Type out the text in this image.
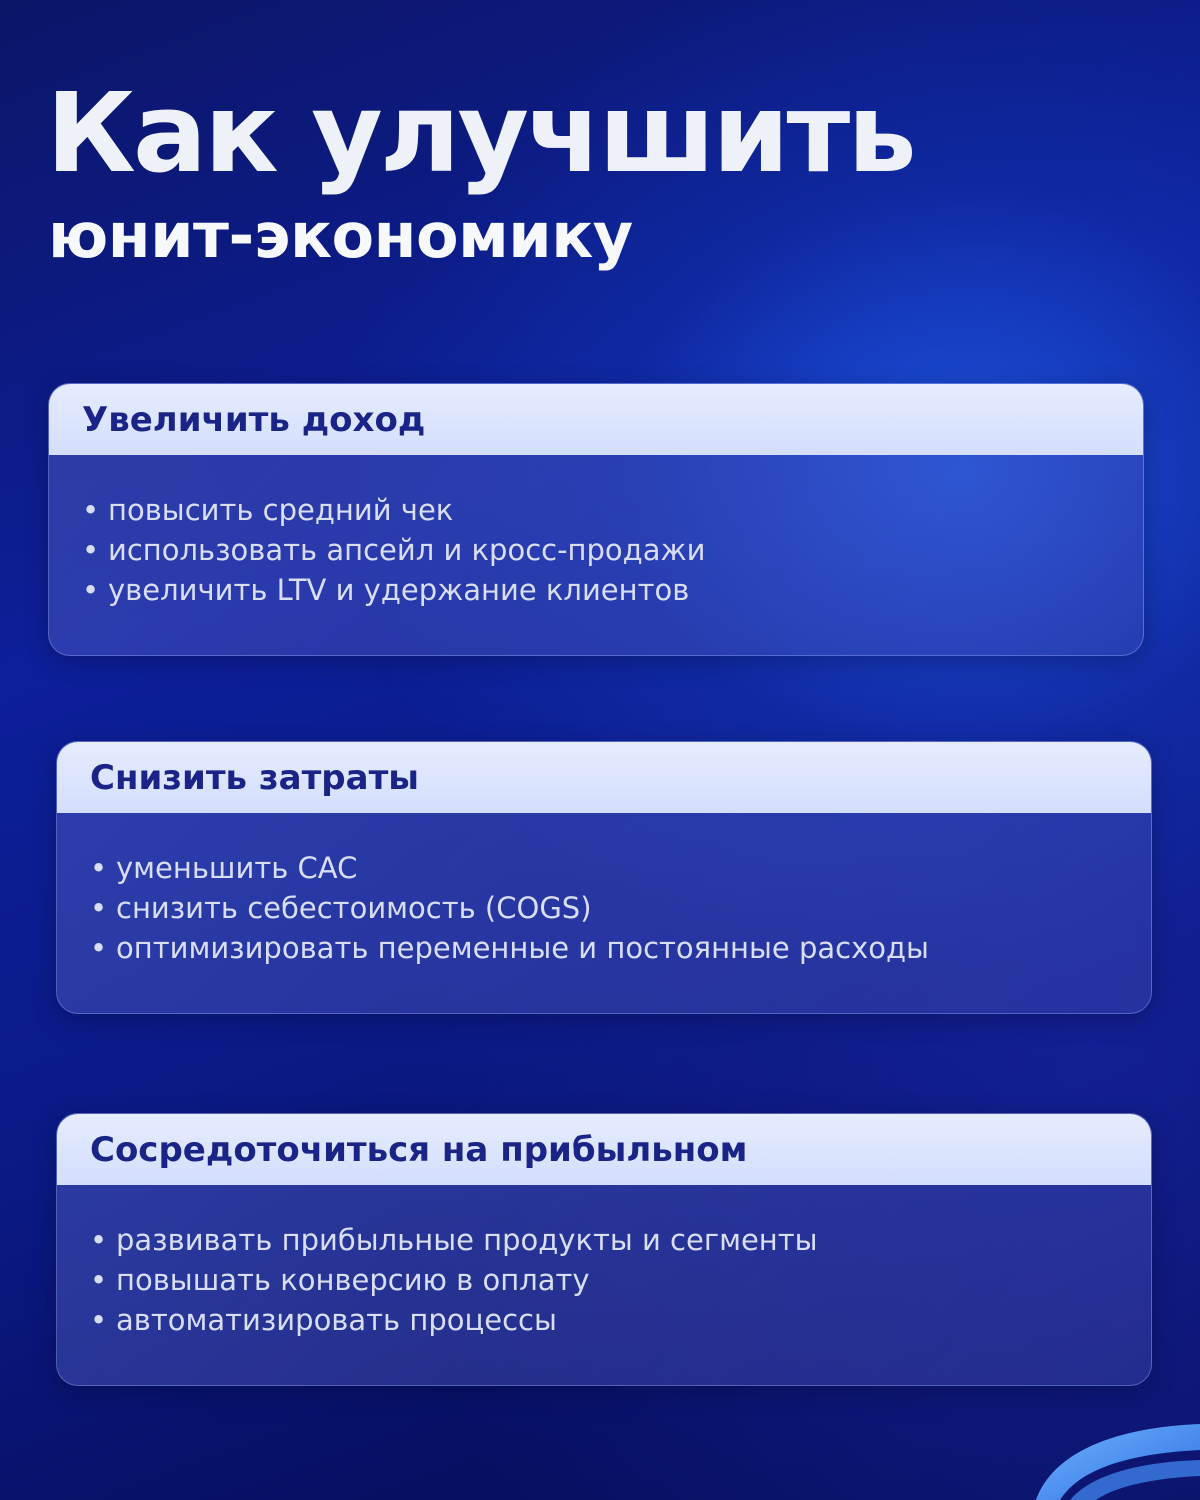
Как улучшить
юнит-экономику
Увеличить доход
• повысить средний чек
• использовать апсейл и кросс-продажи
• увеличить LTV и удержание клиентов
Снизить затраты
• уменьшить CAC
• снизить себестоимость (COGS)
• оптимизировать переменные и постоянные расходы
Сосредоточиться на прибыльном
• развивать прибыльные продукты и сегменты
• повышать конверсию в оплату
• автоматизировать процессы
